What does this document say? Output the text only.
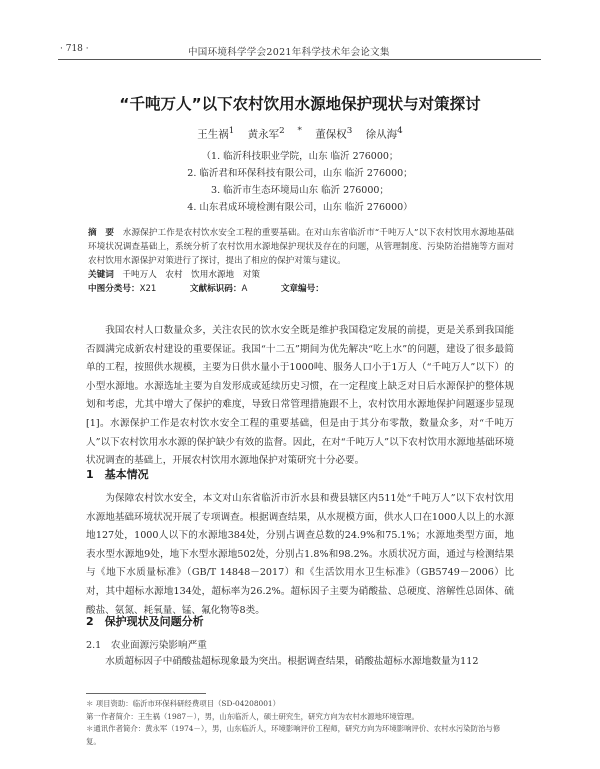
· 718 ·	中国环境科学学会2021年科学技术年会论文集
“千吨万人”以下农村饮用水源地保护现状与对策探讨
王生祸$^1$ 黄永军$^{2 *}$ 董保权$^3$ 徐从海$^4$
（1. 临沂科技职业学院，山东 临沂 276000；
2. 临沂君和环保科技有限公司，山东 临沂 276000；
3. 临沂市生态环境局山东 临沂 276000；
4. 山东君成环境检测有限公司，山东 临沂 276000）

摘　要　 水源保护工作是农村饮水安全工程的重要基础。在对山东省临沂市“千吨万人”以下农村饮用水源地基础环境状况调查基础上，系统分析了农村饮用水源地保护现状及存在的问题，从管理制度、污染防治措施等方面对农村饮用水源保护对策进行了探讨，提出了相应的保护对策与建议。

关键词　 千吨万人　农村　饮用水源地　对策

中图分类号：X21	文献标识码：A	文章编号：

我国农村人口数量众多，关注农民的饮水安全既是维护我国稳定发展的前提，更是关系到我国能否圆满完成新农村建设的重要保证。我国“十二五”期间为优先解决“吃上水”的问题，建设了很多最简单的工程，按照供水规模，主要为日供水量小于1000吨、服务人口小于1万人（“千吨万人”以下）的小型水源地。水源选址主要为自发形成或延续历史习惯，在一定程度上缺乏对日后水源保护的整体规划和考虑，尤其中增大了保护的难度，导致日常管理措施跟不上，农村饮用水源地保护问题逐步显现 [1]。水源保护工作是农村饮水安全工程的重要基础，但是由于其分布零散，数量众多，对“千吨万人”以下农村饮用水水源的保护缺少有效的监督。因此，在对“千吨万人”以下农村饮用水源地基础环境状况调查的基础上，开展农村饮用水源地保护对策研究十分必要。
1　基本情况
为保障农村饮水安全，本文对山东省临沂市沂水县和费县辖区内511处“千吨万人”以下农村饮用水源地基础环境状况开展了专项调查。根据调查结果，从水规模方面，供水人口在1000人以上的水源地127处，1000人以下的水源地384处，分别占调查总数的24.9%和75.1%；水源地类型方面，地表水型水源地9处，地下水型水源地502处，分别占1.8%和98.2%。水质状况方面，通过与检测结果与《地下水质量标准》（GB/T 14848－2017）和《生活饮用水卫生标准》（GB5749－2006）比对，其中超标水源地134处，超标率为26.2%。超标因子主要为硝酸盐、总硬度、溶解性总固体、硫酸盐、氨氮、耗氧量、锰、氟化物等8类。
2　保护现状及问题分析
2.1　农业面源污染影响严重
水质超标因子中硝酸盐超标现象最为突出。根据调查结果，硝酸盐超标水源地数量为112

＊ 项目资助：临沂市环保科研经费项目（SD-04208001）

第一作者简介：王生祸（1987－），男，山东临沂人，硕士研究生，研究方向为农村水源地环境管理。

＊通讯作者简介：黄永军（1974－），男，山东临沂人，环境影响评价工程师，研究方向为环境影响评价、农村水污染防治与修复。
